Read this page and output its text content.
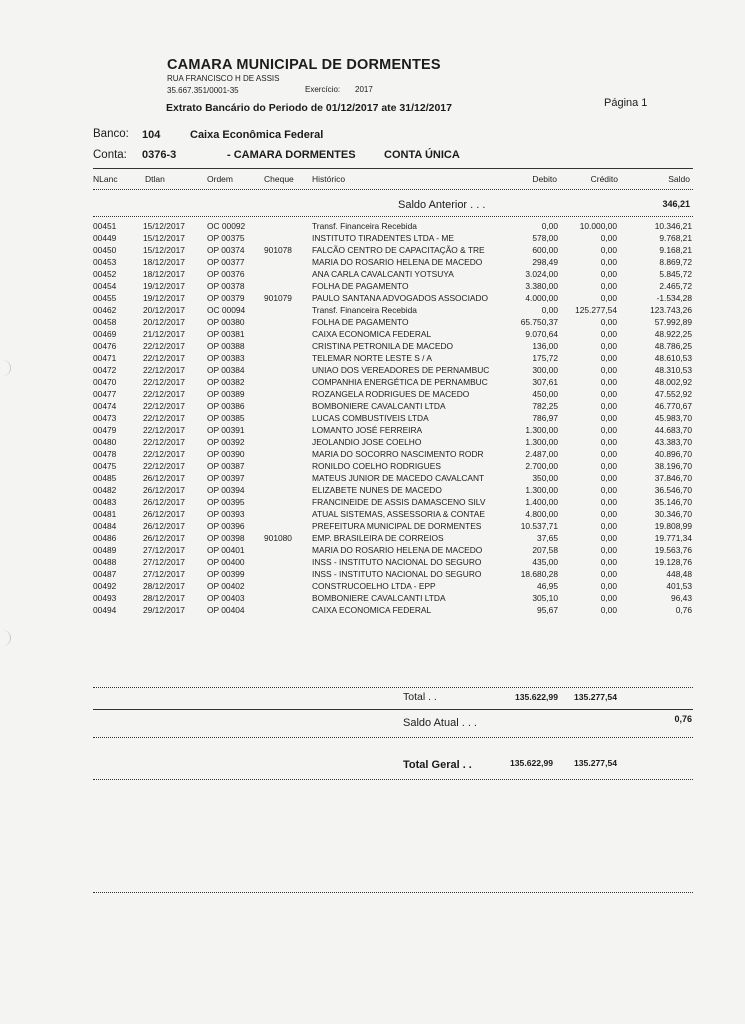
CAMARA MUNICIPAL DE DORMENTES
RUA FRANCISCO H DE ASSIS
35.667.351/0001-35	Exercício: 2017
Extrato Bancário do Periodo de 01/12/2017 ate 31/12/2017	Página 1
Banco: 104	Caixa Econômica Federal
Conta: 0376-3	- CAMARA DORMENTES	CONTA ÚNICA
NLanc	Dtlan	Ordem	Cheque Histórico	Debito	Crédito	Saldo
Saldo Anterior . . .	346,21
00451	15/12/2017	OC 00092	Transf. Financeira Recebida	0,00	10.000,00	10.346,21
00449	15/12/2017	OP 00375	INSTITUTO TIRADENTES LTDA - ME	578,00	0,00	9.768,21
00450	15/12/2017	OP 00374 901078 FALCÃO CENTRO DE CAPACITAÇÃO & TRE	600,00	0,00	9.168,21
00453	18/12/2017	OP 00377	MARIA DO ROSARIO HELENA DE MACEDO	298,49	0,00	8.869,72
00452	18/12/2017	OP 00376	ANA CARLA CAVALCANTI YOTSUYA	3.024,00	0,00	5.845,72
00454	19/12/2017	OP 00378	FOLHA DE PAGAMENTO	3.380,00	0,00	2.465,72
00455	19/12/2017	OP 00379 901079 PAULO SANTANA ADVOGADOS ASSOCIADO	4.000,00	0,00	-1.534,28
00462	20/12/2017	OC 00094	Transf. Financeira Recebida	0,00 125.277,54	123.743,26
00458	20/12/2017	OP 00380	FOLHA DE PAGAMENTO	65.750,37	0,00	57.992,89
00469	21/12/2017	OP 00381	CAIXA ECONOMICA FEDERAL	9.070,64	0,00	48.922,25
00476	22/12/2017	OP 00388	CRISTINA PETRONILA DE MACEDO	136,00	0,00	48.786,25
00471	22/12/2017	OP 00383	TELEMAR NORTE LESTE S / A	175,72	0,00	48.610,53
00472	22/12/2017	OP 00384	UNIAO DOS VEREADORES DE PERNAMBUC	300,00	0,00	48.310,53
00470	22/12/2017	OP 00382	COMPANHIA ENERGÉTICA DE PERNAMBUC	307,61	0,00	48.002,92
00477	22/12/2017	OP 00389	ROZANGELA RODRIGUES DE MACEDO	450,00	0,00	47.552,92
00474	22/12/2017	OP 00386	BOMBONIERE CAVALCANTI LTDA	782,25	0,00	46.770,67
00473	22/12/2017	OP 00385	LUCAS COMBUSTIVEIS LTDA	786,97	0,00	45.983,70
00479	22/12/2017	OP 00391	LOMANTO JOSÉ FERREIRA	1.300,00	0,00	44.683,70
00480	22/12/2017	OP 00392	JEOLANDIO JOSE COELHO	1.300,00	0,00	43.383,70
00478	22/12/2017	OP 00390	MARIA DO SOCORRO NASCIMENTO RODR	2.487,00	0,00	40.896,70
00475	22/12/2017	OP 00387	RONILDO COELHO RODRIGUES	2.700,00	0,00	38.196,70
00485	26/12/2017	OP 00397	MATEUS JUNIOR DE MACEDO CAVALCANT	350,00	0,00	37.846,70
00482	26/12/2017	OP 00394	ELIZABETE NUNES DE MACEDO	1.300,00	0,00	36.546,70
00483	26/12/2017	OP 00395	FRANCINEIDE DE ASSIS DAMASCENO SILV	1.400,00	0,00	35.146,70
00481	26/12/2017	OP 00393	ATUAL SISTEMAS, ASSESSORIA & CONTAE	4.800,00	0,00	30.346,70
00484	26/12/2017	OP 00396	PREFEITURA MUNICIPAL DE DORMENTES	10.537,71	0,00	19.808,99
00486	26/12/2017	OP 00398 901080 EMP. BRASILEIRA DE CORREIOS	37,65	0,00	19.771,34
00489	27/12/2017	OP 00401	MARIA DO ROSARIO HELENA DE MACEDO	207,58	0,00	19.563,76
00488	27/12/2017	OP 00400	INSS - INSTITUTO NACIONAL DO SEGURO	435,00	0,00	19.128,76
00487	27/12/2017	OP 00399	INSS - INSTITUTO NACIONAL DO SEGURO	18.680,28	0,00	448,48
00492	28/12/2017	OP 00402	CONSTRUCOELHO LTDA - EPP	46,95	0,00	401,53
00493	28/12/2017	OP 00403	BOMBONIERE CAVALCANTI LTDA	305,10	0,00	96,43
00494	29/12/2017	OP 00404	CAIXA ECONOMICA FEDERAL	95,67	0,00	0,76
Total . .	135.622,99 135.277,54
Saldo Atual . . .	0,76
Total Geral . .	135.622,99 135.277,54
